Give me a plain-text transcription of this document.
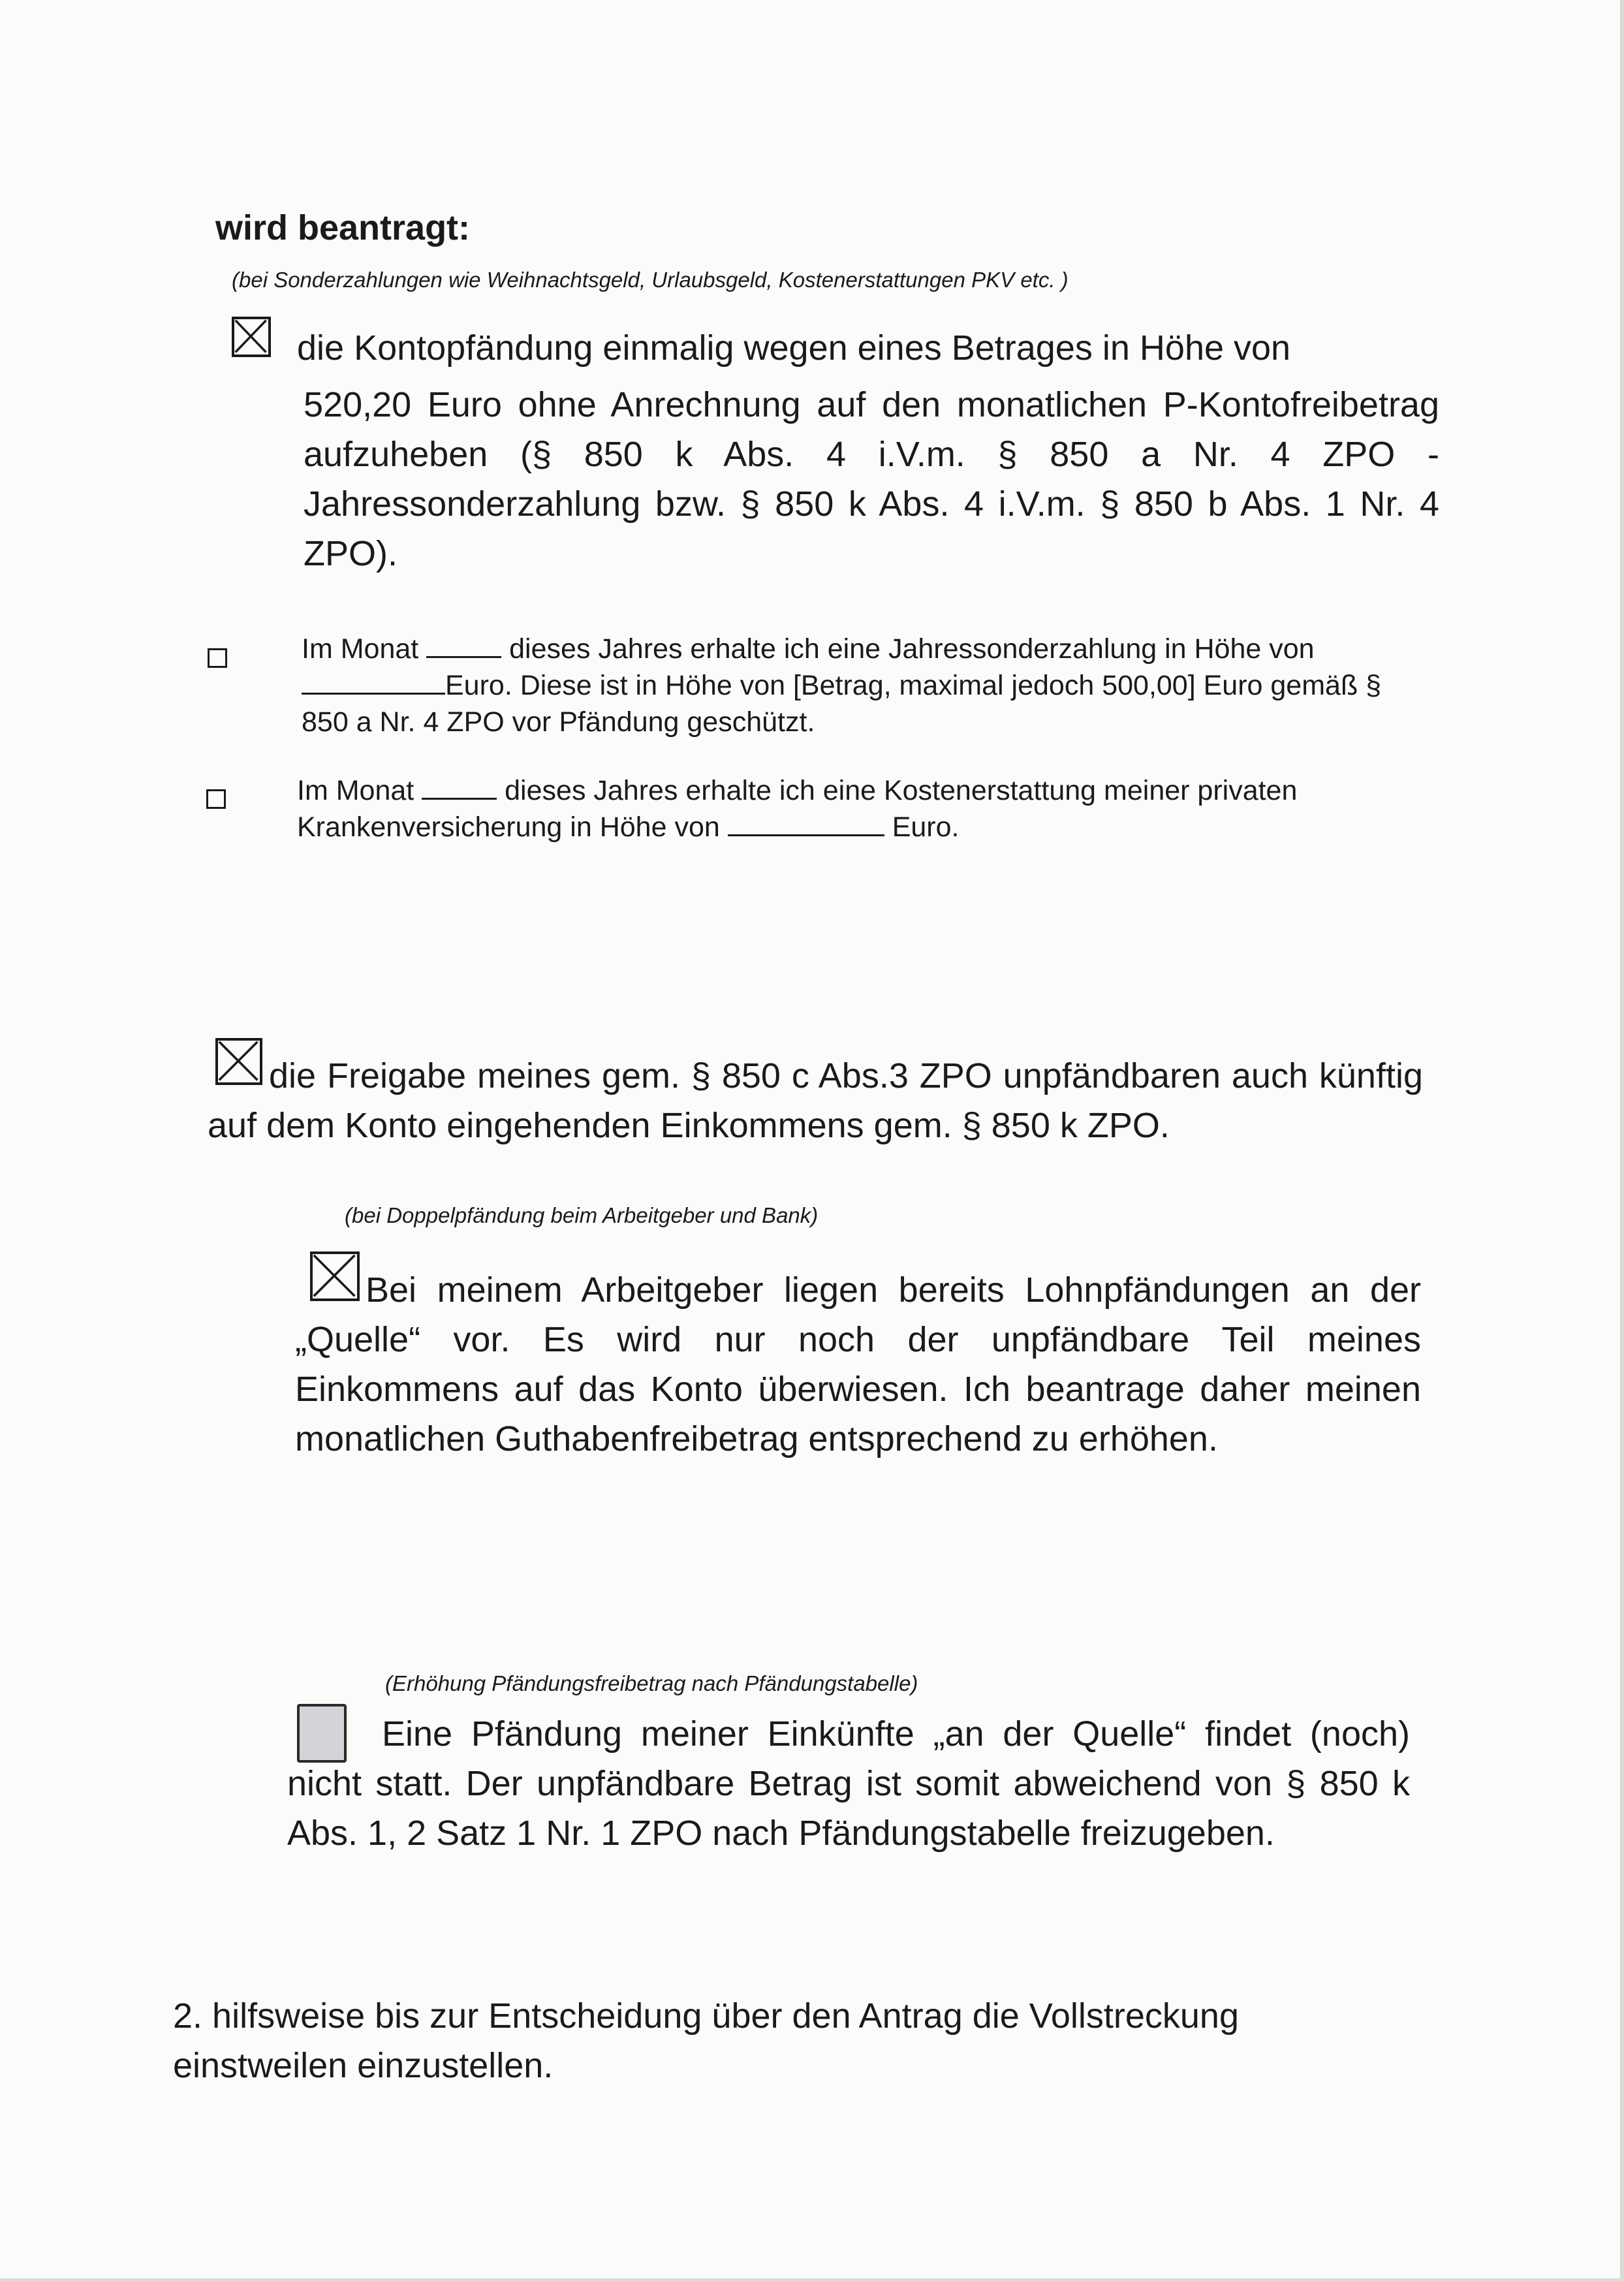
wird beantragt:
(bei Sonderzahlungen wie Weihnachtsgeld, Urlaubsgeld, Kostenerstattungen PKV etc. )
die Kontopfändung einmalig wegen eines Betrages in Höhe von
520,20 Euro ohne Anrechnung auf den monatlichen P-Kontofreibetrag aufzuheben (§ 850 k Abs. 4 i.V.m. § 850 a Nr. 4 ZPO - Jahressonderzahlung bzw. § 850 k Abs. 4 i.V.m. § 850 b Abs. 1 Nr. 4 ZPO).
Im Monat	dieses Jahres erhalte ich eine Jahressonderzahlung in Höhe vonEuro. Diese ist in Höhe von [Betrag, maximal jedoch 500,00] Euro gemäß § 850 a Nr. 4 ZPO vor Pfändung geschützt.
Im Monat	dieses Jahres erhalte ich eine Kostenerstattung meiner privaten Krankenversicherung in Höhe von	Euro.
die Freigabe meines gem. § 850 c Abs.3 ZPO unpfändbaren auch künftig auf dem Konto eingehenden Einkommens gem. § 850 k ZPO.
(bei Doppelpfändung beim Arbeitgeber und Bank)
Bei meinem Arbeitgeber liegen bereits Lohnpfändungen an der „Quelle“ vor. Es wird nur noch der unpfändbare Teil meines Einkommens auf das Konto überwiesen. Ich beantrage daher meinen monatlichen Guthabenfreibetrag entsprechend zu erhöhen.
(Erhöhung Pfändungsfreibetrag nach Pfändungstabelle)
Eine Pfändung meiner Einkünfte „an der Quelle“ findet (noch) nicht statt. Der unpfändbare Betrag ist somit abweichend von § 850 k Abs. 1, 2 Satz 1 Nr. 1 ZPO nach Pfändungstabelle freizugeben.
2. hilfsweise bis zur Entscheidung über den Antrag die Vollstreckung einstweilen einzustellen.
